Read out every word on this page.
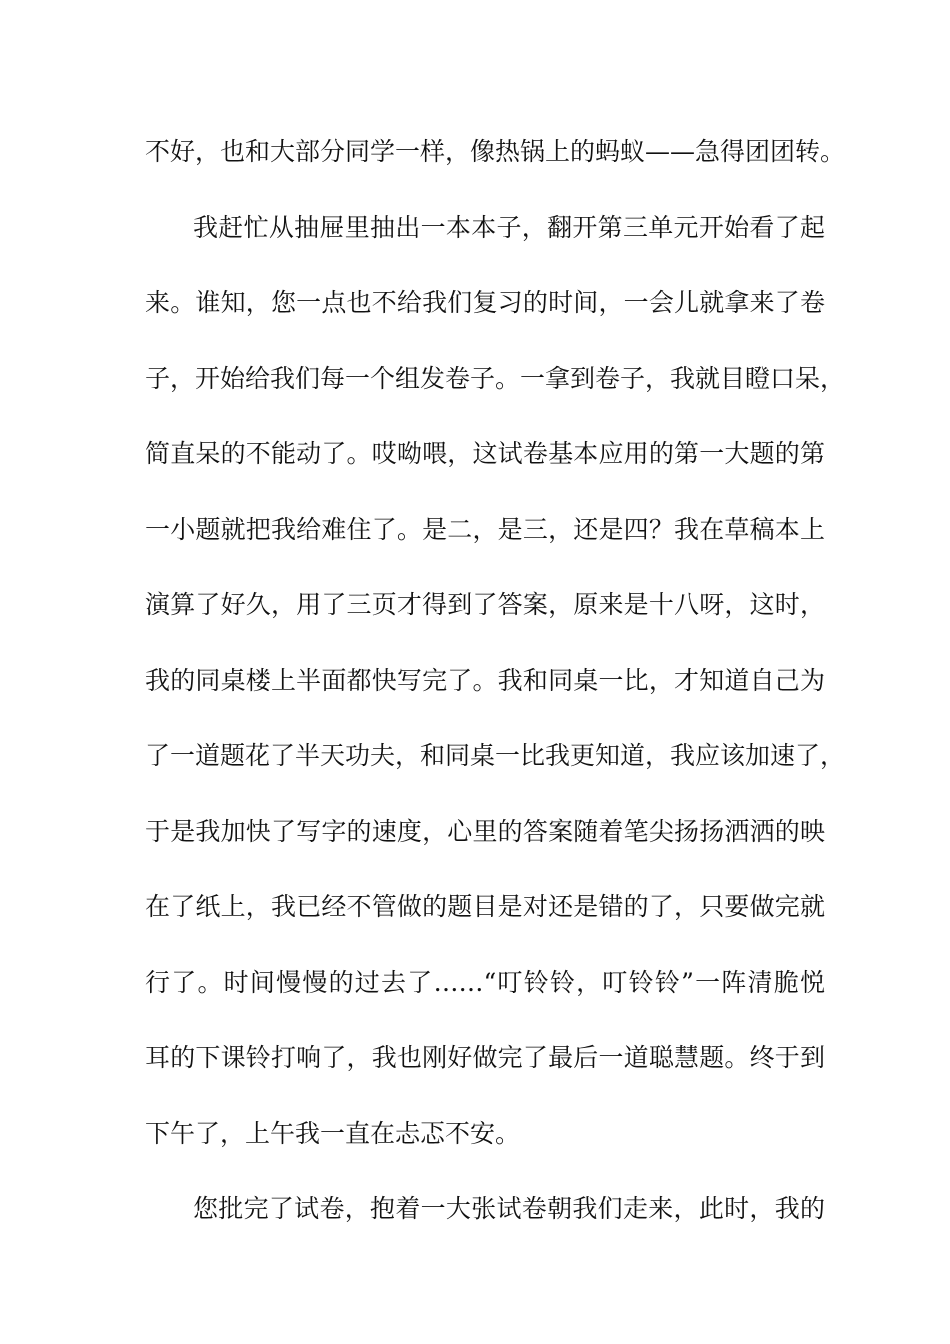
不好，也和大部分同学一样，像热锅上的蚂蚁——急得团团转。
我赶忙从抽屉里抽出一本本子，翻开第三单元开始看了起
来。谁知，您一点也不给我们复习的时间，一会儿就拿来了卷
子，开始给我们每一个组发卷子。一拿到卷子，我就目瞪口呆，
简直呆的不能动了。哎呦喂，这试卷基本应用的第一大题的第
一小题就把我给难住了。是二，是三，还是四？我在草稿本上
演算了好久，用了三页才得到了答案，原来是十八呀，这时，
我的同桌楼上半面都快写完了。我和同桌一比，才知道自己为
了一道题花了半天功夫，和同桌一比我更知道，我应该加速了，
于是我加快了写字的速度，心里的答案随着笔尖扬扬洒洒的映
在了纸上，我已经不管做的题目是对还是错的了，只要做完就
行了。时间慢慢的过去了……“叮铃铃，叮铃铃”一阵清脆悦
耳的下课铃打响了，我也刚好做完了最后一道聪慧题。终于到
下午了，上午我一直在忐忑不安。
您批完了试卷，抱着一大张试卷朝我们走来，此时，我的
